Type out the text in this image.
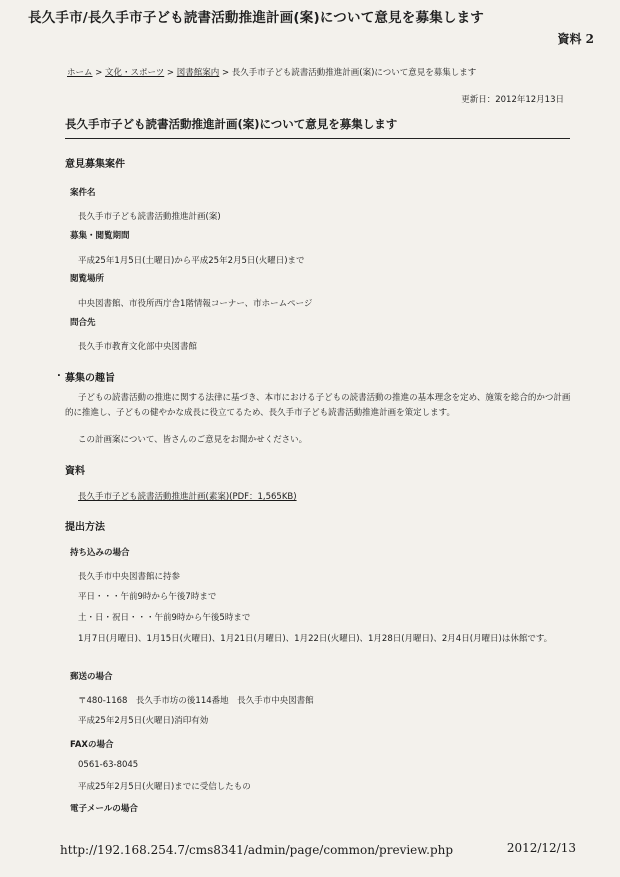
長久手市/長久手市子ども読書活動推進計画(案)について意見を募集します
資料 2
ホーム > 文化・スポーツ > 図書館案内 > 長久手市子ども読書活動推進計画(案)について意見を募集します
更新日：2012年12月13日
長久手市子ども読書活動推進計画(案)について意見を募集します
意見募集案件
案件名
長久手市子ども読書活動推進計画(案)
募集・閲覧期間
平成25年1月5日(土曜日)から平成25年2月5日(火曜日)まで
閲覧場所
中央図書館、市役所西庁舎1階情報コーナー、市ホームページ
問合先
長久手市教育文化部中央図書館
. 募集の趣旨
子どもの読書活動の推進に関する法律に基づき、本市における子どもの読書活動の推進の基本理念を定め、施策を総合的かつ計画的に推進し、子どもの健やかな成長に役立てるため、長久手市子ども読書活動推進計画を策定します。
この計画案について、皆さんのご意見をお聞かせください。
資料
長久手市子ども読書活動推進計画(素案)(PDF：1,565KB)
提出方法
持ち込みの場合
長久手市中央図書館に持参
平日・・・午前9時から午後7時まで
土・日・祝日・・・午前9時から午後5時まで
1月7日(月曜日)、1月15日(火曜日)、1月21日(月曜日)、1月22日(火曜日)、1月28日(月曜日)、2月4日(月曜日)は休館です。
郵送の場合
〒480-1168　長久手市坊の後114番地　長久手市中央図書館
平成25年2月5日(火曜日)消印有効
FAXの場合
0561-63-8045
平成25年2月5日(火曜日)までに受信したもの
電子メールの場合
http://192.168.254.7/cms8341/admin/page/common/preview.php	2012/12/13
